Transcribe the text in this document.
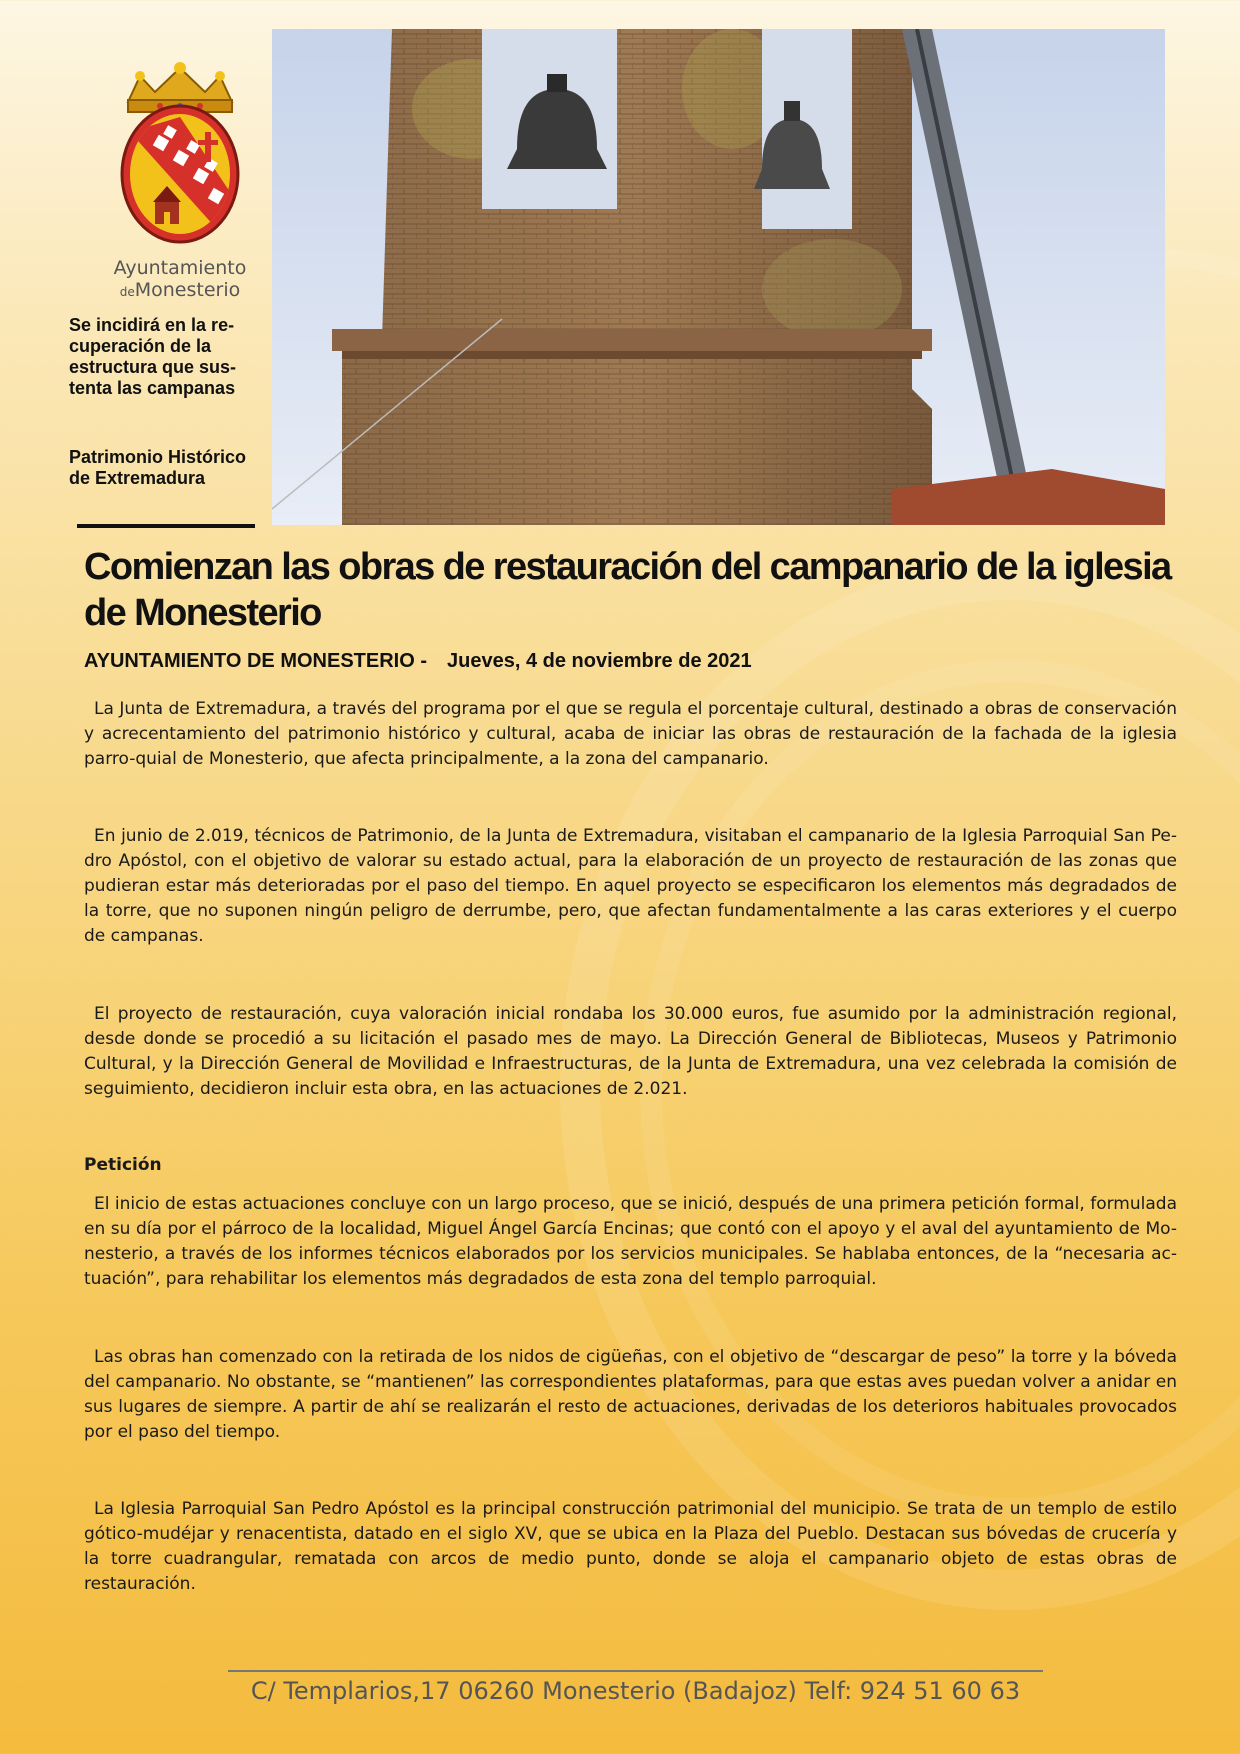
Ayuntamiento
deMonesterio
Se incidirá en la re-cuperación de la estructura que sus-tenta las campanas
Patrimonio Histórico de Extremadura
Comienzan las obras de restauración del campanario de la iglesia de Monesterio
AYUNTAMIENTO DE MONESTERIO - Jueves, 4 de noviembre de 2021

La Junta de Extremadura, a través del programa por el que se regula el porcentaje cultural, destinado a obras de conservación y acrecentamiento del patrimonio histórico y cultural, acaba de iniciar las obras de restauración de la fachada de la iglesia parro-quial de Monesterio, que afecta principalmente, a la zona del campanario.

En junio de 2.019, técnicos de Patrimonio, de la Junta de Extremadura, visitaban el campanario de la Iglesia Parroquial San Pe-dro Apóstol, con el objetivo de valorar su estado actual, para la elaboración de un proyecto de restauración de las zonas que pudieran estar más deterioradas por el paso del tiempo. En aquel proyecto se especificaron los elementos más degradados de la torre, que no suponen ningún peligro de derrumbe, pero, que afectan fundamentalmente a las caras exteriores y el cuerpo de campanas.

El proyecto de restauración, cuya valoración inicial rondaba los 30.000 euros, fue asumido por la administración regional, desde donde se procedió a su licitación el pasado mes de mayo. La Dirección General de Bibliotecas, Museos y Patrimonio Cultural, y la Dirección General de Movilidad e Infraestructuras, de la Junta de Extremadura, una vez celebrada la comisión de seguimiento, decidieron incluir esta obra, en las actuaciones de 2.021.

Petición

El inicio de estas actuaciones concluye con un largo proceso, que se inició, después de una primera petición formal, formulada en su día por el párroco de la localidad, Miguel Ángel García Encinas; que contó con el apoyo y el aval del ayuntamiento de Mo-nesterio, a través de los informes técnicos elaborados por los servicios municipales. Se hablaba entonces, de la “necesaria ac-tuación”, para rehabilitar los elementos más degradados de esta zona del templo parroquial.

Las obras han comenzado con la retirada de los nidos de cigüeñas, con el objetivo de “descargar de peso” la torre y la bóveda del campanario. No obstante, se “mantienen” las correspondientes plataformas, para que estas aves puedan volver a anidar en sus lugares de siempre. A partir de ahí se realizarán el resto de actuaciones, derivadas de los deterioros habituales provocados por el paso del tiempo.

La Iglesia Parroquial San Pedro Apóstol es la principal construcción patrimonial del municipio. Se trata de un templo de estilo gótico-mudéjar y renacentista, datado en el siglo XV, que se ubica en la Plaza del Pueblo. Destacan sus bóvedas de crucería y la torre cuadrangular, rematada con arcos de medio punto, donde se aloja el campanario objeto de estas obras de restauración.

C/ Templarios,17 06260 Monesterio (Badajoz) Telf: 924 51 60 63
